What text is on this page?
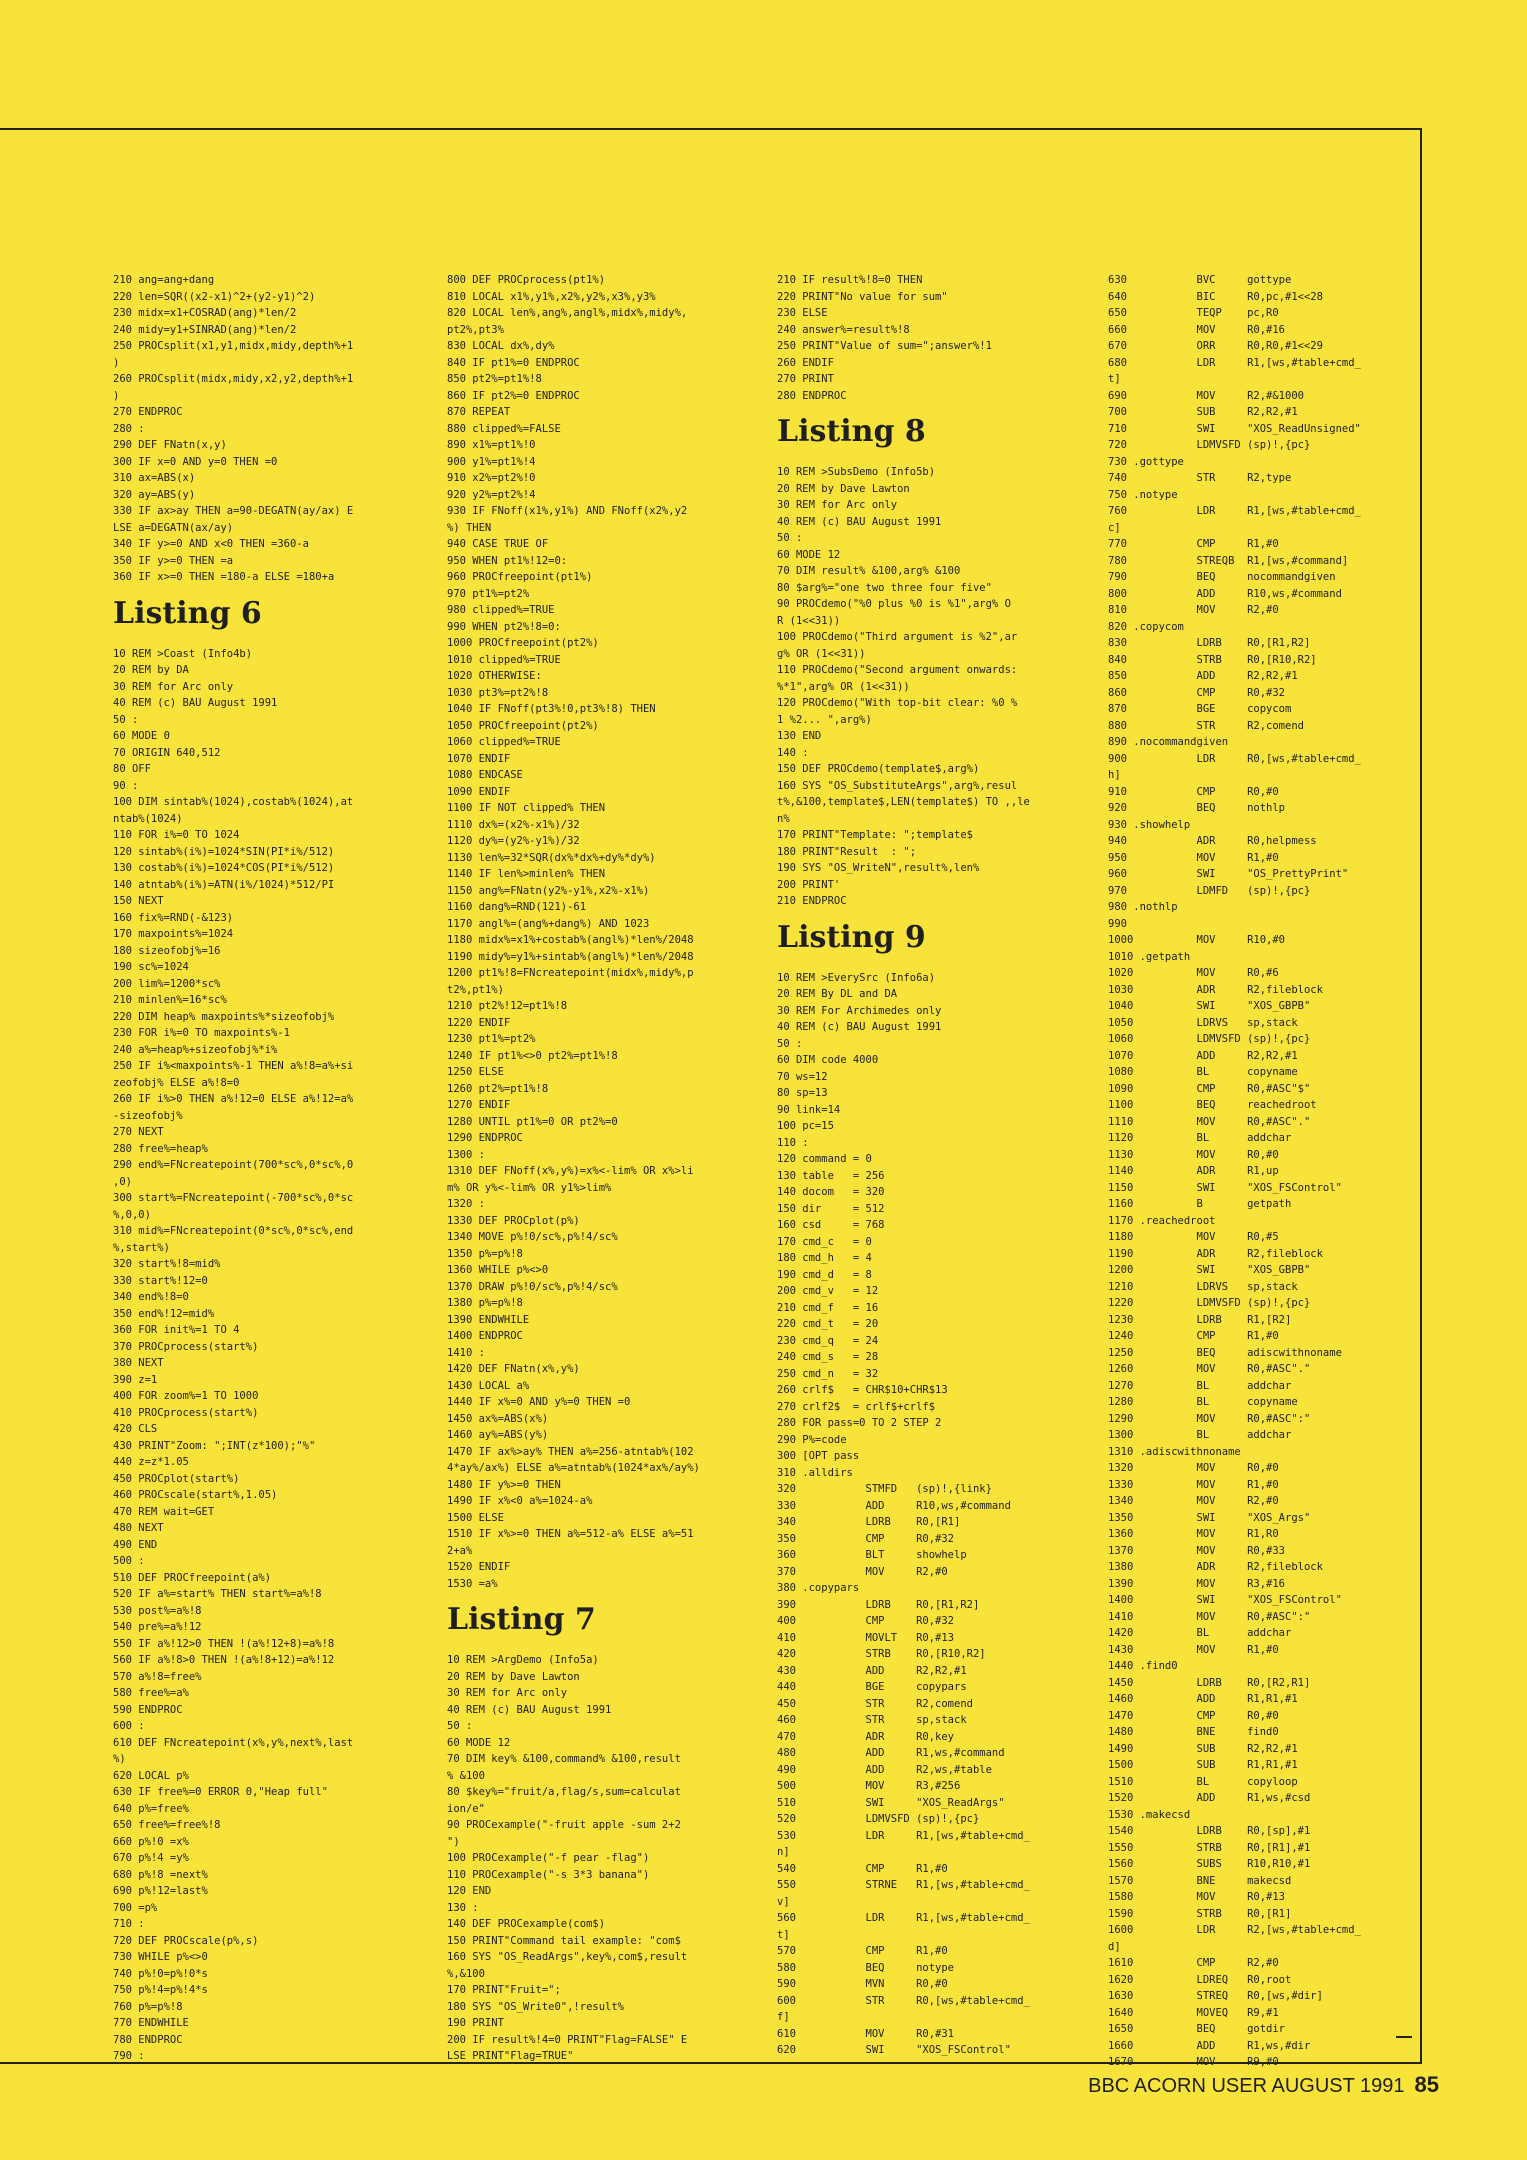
210 ang=ang+dang
220 len=SQR((x2-x1)^2+(y2-y1)^2)
230 midx=x1+COSRAD(ang)*len/2
240 midy=y1+SINRAD(ang)*len/2
250 PROCsplit(x1,y1,midx,midy,depth%+1
)
260 PROCsplit(midx,midy,x2,y2,depth%+1
)
270 ENDPROC
280 :
290 DEF FNatn(x,y)
300 IF x=0 AND y=0 THEN =0
310 ax=ABS(x)
320 ay=ABS(y)
330 IF ax>ay THEN a=90-DEGATN(ay/ax) E
LSE a=DEGATN(ax/ay)
340 IF y>=0 AND x<0 THEN =360-a
350 IF y>=0 THEN =a
360 IF x>=0 THEN =180-a ELSE =180+a
Listing 6
10 REM >Coast (Info4b)
20 REM by DA
30 REM for Arc only
40 REM (c) BAU August 1991
50 :
60 MODE 0
70 ORIGIN 640,512
80 OFF
90 :
100 DIM sintab%(1024),costab%(1024),at
ntab%(1024)
110 FOR i%=0 TO 1024
120 sintab%(i%)=1024*SIN(PI*i%/512)
130 costab%(i%)=1024*COS(PI*i%/512)
140 atntab%(i%)=ATN(i%/1024)*512/PI
150 NEXT
160 fix%=RND(-&123)
170 maxpoints%=1024
180 sizeofobj%=16
190 sc%=1024
200 lim%=1200*sc%
210 minlen%=16*sc%
220 DIM heap% maxpoints%*sizeofobj%
230 FOR i%=0 TO maxpoints%-1
240 a%=heap%+sizeofobj%*i%
250 IF i%<maxpoints%-1 THEN a%!8=a%+si
zeofobj% ELSE a%!8=0
260 IF i%>0 THEN a%!12=0 ELSE a%!12=a%
-sizeofobj%
270 NEXT
280 free%=heap%
290 end%=FNcreatepoint(700*sc%,0*sc%,0
,0)
300 start%=FNcreatepoint(-700*sc%,0*sc
%,0,0)
310 mid%=FNcreatepoint(0*sc%,0*sc%,end
%,start%)
320 start%!8=mid%
330 start%!12=0
340 end%!8=0
350 end%!12=mid%
360 FOR init%=1 TO 4
370 PROCprocess(start%)
380 NEXT
390 z=1
400 FOR zoom%=1 TO 1000
410 PROCprocess(start%)
420 CLS
430 PRINT"Zoom: ";INT(z*100);"%"
440 z=z*1.05
450 PROCplot(start%)
460 PROCscale(start%,1.05)
470 REM wait=GET
480 NEXT
490 END
500 :
510 DEF PROCfreepoint(a%)
520 IF a%=start% THEN start%=a%!8
530 post%=a%!8
540 pre%=a%!12
550 IF a%!12>0 THEN !(a%!12+8)=a%!8
560 IF a%!8>0 THEN !(a%!8+12)=a%!12
570 a%!8=free%
580 free%=a%
590 ENDPROC
600 :
610 DEF FNcreatepoint(x%,y%,next%,last
%)
620 LOCAL p%
630 IF free%=0 ERROR 0,"Heap full"
640 p%=free%
650 free%=free%!8
660 p%!0 =x%
670 p%!4 =y%
680 p%!8 =next%
690 p%!12=last%
700 =p%
710 :
720 DEF PROCscale(p%,s)
730 WHILE p%<>0
740 p%!0=p%!0*s
750 p%!4=p%!4*s
760 p%=p%!8
770 ENDWHILE
780 ENDPROC
790 :
800 DEF PROCprocess(pt1%)
810 LOCAL x1%,y1%,x2%,y2%,x3%,y3%
820 LOCAL len%,ang%,angl%,midx%,midy%,
pt2%,pt3%
830 LOCAL dx%,dy%
840 IF pt1%=0 ENDPROC
850 pt2%=pt1%!8
860 IF pt2%=0 ENDPROC
870 REPEAT
880 clipped%=FALSE
890 x1%=pt1%!0
900 y1%=pt1%!4
910 x2%=pt2%!0
920 y2%=pt2%!4
930 IF FNoff(x1%,y1%) AND FNoff(x2%,y2
%) THEN
940 CASE TRUE OF
950 WHEN pt1%!12=0:
960 PROCfreepoint(pt1%)
970 pt1%=pt2%
980 clipped%=TRUE
990 WHEN pt2%!8=0:
1000 PROCfreepoint(pt2%)
1010 clipped%=TRUE
1020 OTHERWISE:
1030 pt3%=pt2%!8
1040 IF FNoff(pt3%!0,pt3%!8) THEN
1050 PROCfreepoint(pt2%)
1060 clipped%=TRUE
1070 ENDIF
1080 ENDCASE
1090 ENDIF
1100 IF NOT clipped% THEN
1110 dx%=(x2%-x1%)/32
1120 dy%=(y2%-y1%)/32
1130 len%=32*SQR(dx%*dx%+dy%*dy%)
1140 IF len%>minlen% THEN
1150 ang%=FNatn(y2%-y1%,x2%-x1%)
1160 dang%=RND(121)-61
1170 angl%=(ang%+dang%) AND 1023
1180 midx%=x1%+costab%(angl%)*len%/2048
1190 midy%=y1%+sintab%(angl%)*len%/2048
1200 pt1%!8=FNcreatepoint(midx%,midy%,p
t2%,pt1%)
1210 pt2%!12=pt1%!8
1220 ENDIF
1230 pt1%=pt2%
1240 IF pt1%<>0 pt2%=pt1%!8
1250 ELSE
1260 pt2%=pt1%!8
1270 ENDIF
1280 UNTIL pt1%=0 OR pt2%=0
1290 ENDPROC
1300 :
1310 DEF FNoff(x%,y%)=x%<-lim% OR x%>li
m% OR y%<-lim% OR y1%>lim%
1320 :
1330 DEF PROCplot(p%)
1340 MOVE p%!0/sc%,p%!4/sc%
1350 p%=p%!8
1360 WHILE p%<>0
1370 DRAW p%!0/sc%,p%!4/sc%
1380 p%=p%!8
1390 ENDWHILE
1400 ENDPROC
1410 :
1420 DEF FNatn(x%,y%)
1430 LOCAL a%
1440 IF x%=0 AND y%=0 THEN =0
1450 ax%=ABS(x%)
1460 ay%=ABS(y%)
1470 IF ax%>ay% THEN a%=256-atntab%(102
4*ay%/ax%) ELSE a%=atntab%(1024*ax%/ay%)
1480 IF y%>=0 THEN
1490 IF x%<0 a%=1024-a%
1500 ELSE
1510 IF x%>=0 THEN a%=512-a% ELSE a%=51
2+a%
1520 ENDIF
1530 =a%
Listing 7
10 REM >ArgDemo (Info5a)
20 REM by Dave Lawton
30 REM for Arc only
40 REM (c) BAU August 1991
50 :
60 MODE 12
70 DIM key% &100,command% &100,result
% &100
80 $key%="fruit/a,flag/s,sum=calculat
ion/e"
90 PROCexample("-fruit apple -sum 2+2
")
100 PROCexample("-f pear -flag")
110 PROCexample("-s 3*3 banana")
120 END
130 :
140 DEF PROCexample(com$)
150 PRINT"Command tail example: "com$
160 SYS "OS_ReadArgs",key%,com$,result
%,&100
170 PRINT"Fruit=";
180 SYS "OS_Write0",!result%
190 PRINT
200 IF result%!4=0 PRINT"Flag=FALSE" E
LSE PRINT"Flag=TRUE"
210 IF result%!8=0 THEN
220 PRINT"No value for sum"
230 ELSE
240 answer%=result%!8
250 PRINT"Value of sum=";answer%!1
260 ENDIF
270 PRINT
280 ENDPROC
Listing 8
10 REM >SubsDemo (Info5b)
20 REM by Dave Lawton
30 REM for Arc only
40 REM (c) BAU August 1991
50 :
60 MODE 12
70 DIM result% &100,arg% &100
80 $arg%="one two three four five"
90 PROCdemo("%0 plus %0 is %1",arg% O
R (1<<31))
100 PROCdemo("Third argument is %2",ar
g% OR (1<<31))
110 PROCdemo("Second argument onwards:
%*1",arg% OR (1<<31))
120 PROCdemo("With top-bit clear: %0 %
1 %2... ",arg%)
130 END
140 :
150 DEF PROCdemo(template$,arg%)
160 SYS "OS_SubstituteArgs",arg%,resul
t%,&100,template$,LEN(template$) TO ,,le
n%
170 PRINT"Template: ";template$
180 PRINT"Result  : ";
190 SYS "OS_WriteN",result%,len%
200 PRINT'
210 ENDPROC
Listing 9
10 REM >EverySrc (Info6a)
20 REM By DL and DA
30 REM For Archimedes only
40 REM (c) BAU August 1991
50 :
60 DIM code 4000
70 ws=12
80 sp=13
90 link=14
100 pc=15
110 :
120 command = 0
130 table   = 256
140 docom   = 320
150 dir     = 512
160 csd     = 768
170 cmd_c   = 0
180 cmd_h   = 4
190 cmd_d   = 8
200 cmd_v   = 12
210 cmd_f   = 16
220 cmd_t   = 20
230 cmd_q   = 24
240 cmd_s   = 28
250 cmd_n   = 32
260 crlf$   = CHR$10+CHR$13
270 crlf2$  = crlf$+crlf$
280 FOR pass=0 TO 2 STEP 2
290 P%=code
300 [OPT pass
310 .alldirs
320           STMFD   (sp)!,{link}
330           ADD     R10,ws,#command
340           LDRB    R0,[R1]
350           CMP     R0,#32
360           BLT     showhelp
370           MOV     R2,#0
380 .copypars
390           LDRB    R0,[R1,R2]
400           CMP     R0,#32
410           MOVLT   R0,#13
420           STRB    R0,[R10,R2]
430           ADD     R2,R2,#1
440           BGE     copypars
450           STR     R2,comend
460           STR     sp,stack
470           ADR     R0,key
480           ADD     R1,ws,#command
490           ADD     R2,ws,#table
500           MOV     R3,#256
510           SWI     "XOS_ReadArgs"
520           LDMVSFD (sp)!,{pc}
530           LDR     R1,[ws,#table+cmd_
n]
540           CMP     R1,#0
550           STRNE   R1,[ws,#table+cmd_
v]
560           LDR     R1,[ws,#table+cmd_
t]
570           CMP     R1,#0
580           BEQ     notype
590           MVN     R0,#0
600           STR     R0,[ws,#table+cmd_
f]
610           MOV     R0,#31
620           SWI     "XOS_FSControl"
630           BVC     gottype
640           BIC     R0,pc,#1<<28
650           TEQP    pc,R0
660           MOV     R0,#16
670           ORR     R0,R0,#1<<29
680           LDR     R1,[ws,#table+cmd_
t]
690           MOV     R2,#&1000
700           SUB     R2,R2,#1
710           SWI     "XOS_ReadUnsigned"
720           LDMVSFD (sp)!,{pc}
730 .gottype
740           STR     R2,type
750 .notype
760           LDR     R1,[ws,#table+cmd_
c]
770           CMP     R1,#0
780           STREQB  R1,[ws,#command]
790           BEQ     nocommandgiven
800           ADD     R10,ws,#command
810           MOV     R2,#0
820 .copycom
830           LDRB    R0,[R1,R2]
840           STRB    R0,[R10,R2]
850           ADD     R2,R2,#1
860           CMP     R0,#32
870           BGE     copycom
880           STR     R2,comend
890 .nocommandgiven
900           LDR     R0,[ws,#table+cmd_
h]
910           CMP     R0,#0
920           BEQ     nothlp
930 .showhelp
940           ADR     R0,helpmess
950           MOV     R1,#0
960           SWI     "OS_PrettyPrint"
970           LDMFD   (sp)!,{pc}
980 .nothlp
990
1000          MOV     R10,#0
1010 .getpath
1020          MOV     R0,#6
1030          ADR     R2,fileblock
1040          SWI     "XOS_GBPB"
1050          LDRVS   sp,stack
1060          LDMVSFD (sp)!,{pc}
1070          ADD     R2,R2,#1
1080          BL      copyname
1090          CMP     R0,#ASC"$"
1100          BEQ     reachedroot
1110          MOV     R0,#ASC"."
1120          BL      addchar
1130          MOV     R0,#0
1140          ADR     R1,up
1150          SWI     "XOS_FSControl"
1160          B       getpath
1170 .reachedroot
1180          MOV     R0,#5
1190          ADR     R2,fileblock
1200          SWI     "XOS_GBPB"
1210          LDRVS   sp,stack
1220          LDMVSFD (sp)!,{pc}
1230          LDRB    R1,[R2]
1240          CMP     R1,#0
1250          BEQ     adiscwithnoname
1260          MOV     R0,#ASC"."
1270          BL      addchar
1280          BL      copyname
1290          MOV     R0,#ASC":"
1300          BL      addchar
1310 .adiscwithnoname
1320          MOV     R0,#0
1330          MOV     R1,#0
1340          MOV     R2,#0
1350          SWI     "XOS_Args"
1360          MOV     R1,R0
1370          MOV     R0,#33
1380          ADR     R2,fileblock
1390          MOV     R3,#16
1400          SWI     "XOS_FSControl"
1410          MOV     R0,#ASC":"
1420          BL      addchar
1430          MOV     R1,#0
1440 .find0
1450          LDRB    R0,[R2,R1]
1460          ADD     R1,R1,#1
1470          CMP     R0,#0
1480          BNE     find0
1490          SUB     R2,R2,#1
1500          SUB     R1,R1,#1
1510          BL      copyloop
1520          ADD     R1,ws,#csd
1530 .makecsd
1540          LDRB    R0,[sp],#1
1550          STRB    R0,[R1],#1
1560          SUBS    R10,R10,#1
1570          BNE     makecsd
1580          MOV     R0,#13
1590          STRB    R0,[R1]
1600          LDR     R2,[ws,#table+cmd_
d]
1610          CMP     R2,#0
1620          LDREQ   R0,root
1630          STREQ   R0,[ws,#dir]
1640          MOVEQ   R9,#1
1650          BEQ     gotdir
1660          ADD     R1,ws,#dir
1670          MOV     R9,#0
BBC ACORN USER AUGUST 1991 85
